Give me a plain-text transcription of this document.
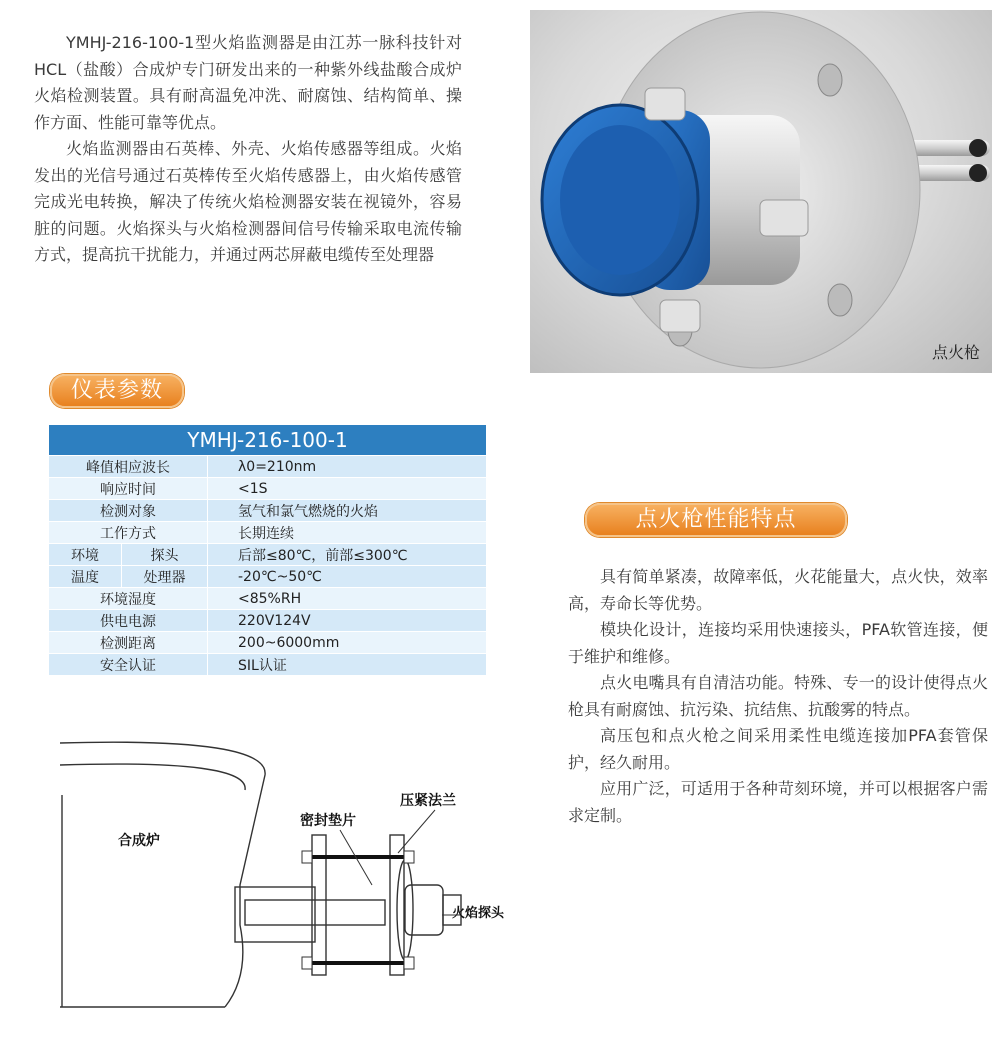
YMHJ-216-100-1型火焰监测器是由江苏一脉科技针对HCL（盐酸）合成炉专门研发出来的一种紫外线盐酸合成炉火焰检测装置。具有耐高温免冲洗、耐腐蚀、结构简单、操作方面、性能可靠等优点。

火焰监测器由石英棒、外壳、火焰传感器等组成。火焰发出的光信号通过石英棒传至火焰传感器上，由火焰传感管完成光电转换，解决了传统火焰检测器安装在视镜外，容易脏的问题。火焰探头与火焰检测器间信号传输采取电流传输方式，提高抗干扰能力，并通过两芯屏蔽电缆传至处理器

点火枪
仪表参数
YMHJ-216-100-1		
峰值相应波长		λ0=210nm
响应时间		<1S
检测对象		氢气和氯气燃烧的火焰
工作方式		长期连续
环境	探头	后部≤80℃，前部≤300℃
温度	处理器	-20℃~50℃
环境湿度		<85%RH
供电电源		220V124V
检测距离		200~6000mm
安全认证		SIL认证
合成炉
密封垫片
压紧法兰
火焰探头
点火枪性能特点

具有简单紧凑，故障率低，火花能量大，点火快，效率高，寿命长等优势。

模块化设计，连接均采用快速接头，PFA软管连接，便于维护和维修。

点火电嘴具有自清洁功能。特殊、专一的设计使得点火枪具有耐腐蚀、抗污染、抗结焦、抗酸雾的特点。

高压包和点火枪之间采用柔性电缆连接加PFA套管保护，经久耐用。

应用广泛，可适用于各种苛刻环境，并可以根据客户需求定制。
